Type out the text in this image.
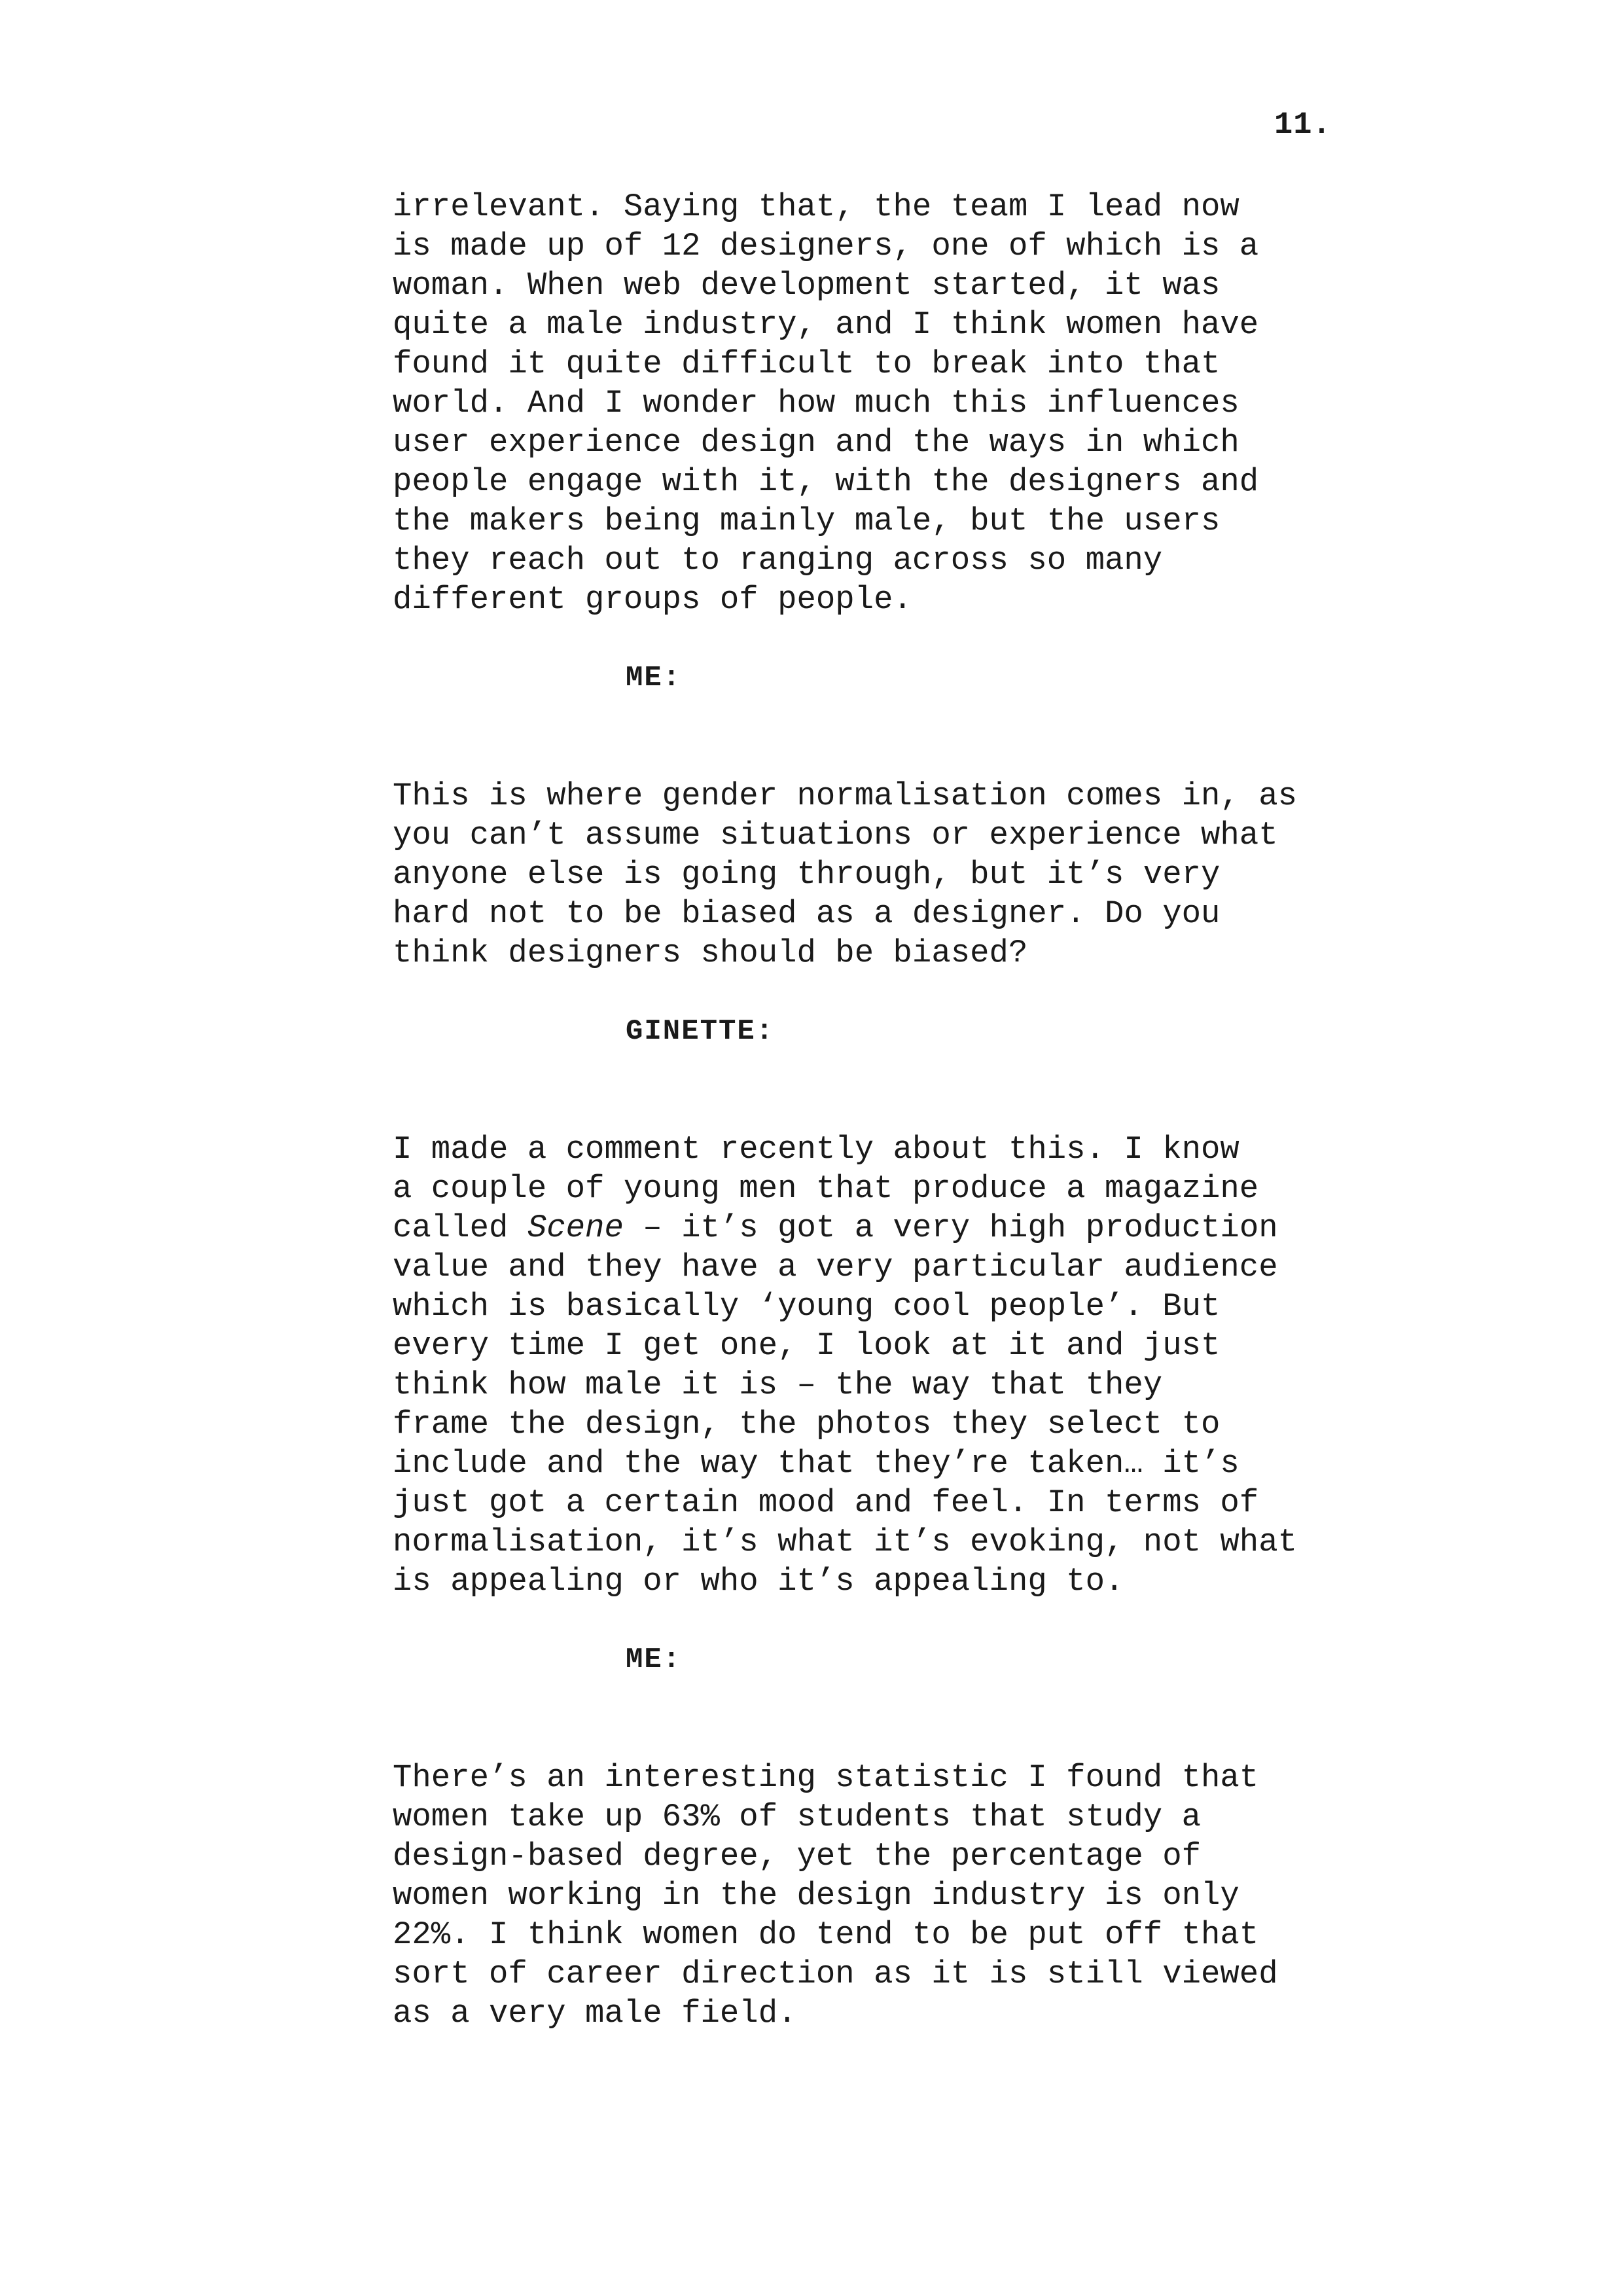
11.
irrelevant. Saying that, the team I lead now
is made up of 12 designers, one of which is a
woman. When web development started, it was
quite a male industry, and I think women have
found it quite difficult to break into that
world. And I wonder how much this influences
user experience design and the ways in which
people engage with it, with the designers and
the makers being mainly male, but the users
they reach out to ranging across so many
different groups of people.
ME:
This is where gender normalisation comes in, as
you can’t assume situations or experience what
anyone else is going through, but it’s very
hard not to be biased as a designer. Do you
think designers should be biased?
GINETTE:
I made a comment recently about this. I know
a couple of young men that produce a magazine
called Scene – it’s got a very high production
value and they have a very particular audience
which is basically ‘young cool people’. But
every time I get one, I look at it and just
think how male it is – the way that they
frame the design, the photos they select to
include and the way that they’re taken… it’s
just got a certain mood and feel. In terms of
normalisation, it’s what it’s evoking, not what
is appealing or who it’s appealing to.
ME:
There’s an interesting statistic I found that
women take up 63% of students that study a
design-based degree, yet the percentage of
women working in the design industry is only
22%. I think women do tend to be put off that
sort of career direction as it is still viewed
as a very male field.
